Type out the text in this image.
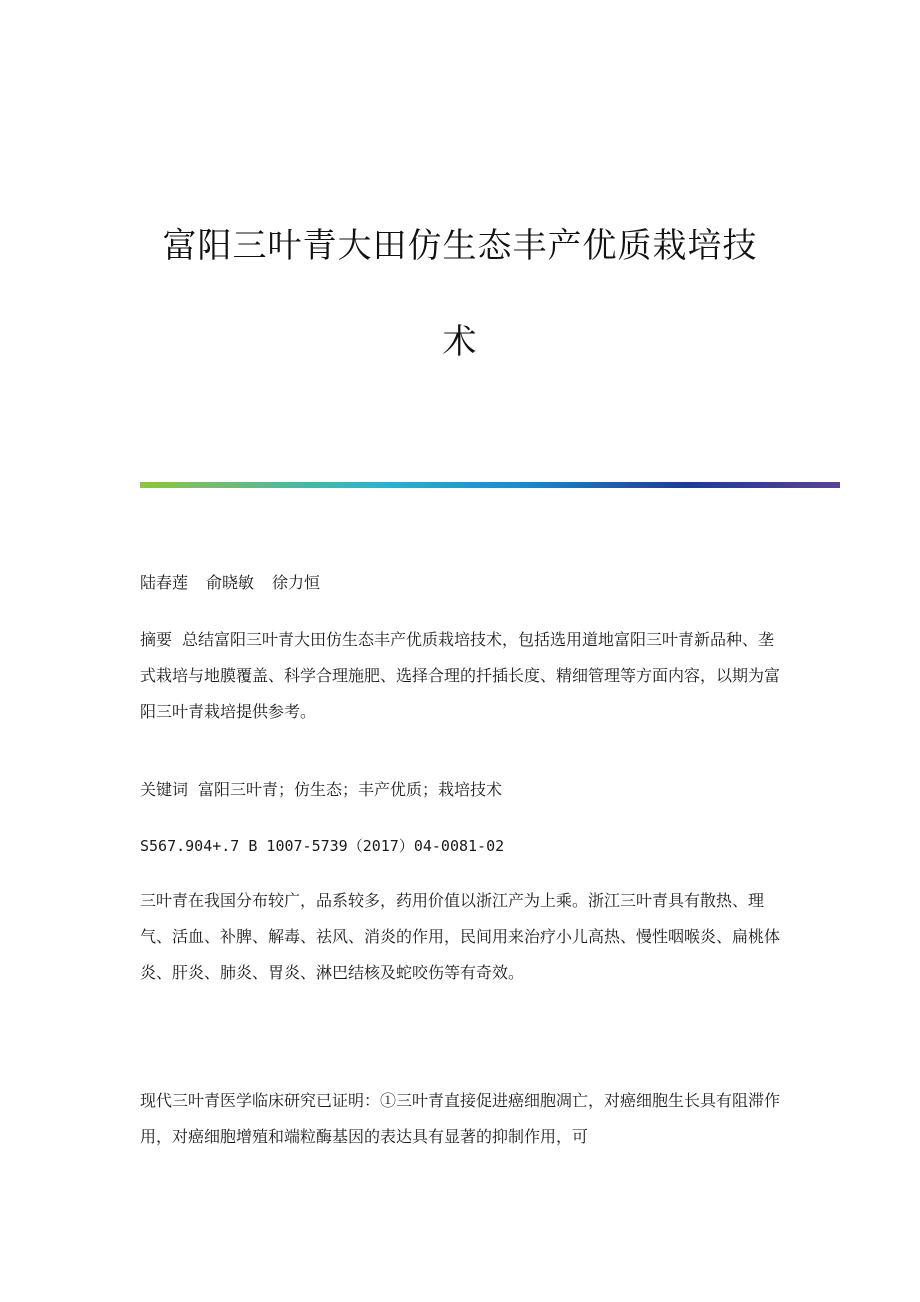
富阳三叶青大田仿生态丰产优质栽培技
术

陆春莲 俞晓敏 徐力恒

摘要 总结富阳三叶青大田仿生态丰产优质栽培技术，包括选用道地富阳三叶青新品种、垄式栽培与地膜覆盖、科学合理施肥、选择合理的扦插长度、精细管理等方面内容，以期为富阳三叶青栽培提供参考。

关键词 富阳三叶青；仿生态；丰产优质；栽培技术

S567.904+.7 B 1007-5739（2017）04-0081-02

三叶青在我国分布较广，品系较多，药用价值以浙江产为上乘。浙江三叶青具有散热、理气、活血、补脾、解毒、祛风、消炎的作用，民间用来治疗小儿高热、慢性咽喉炎、扁桃体炎、肝炎、肺炎、胃炎、淋巴结核及蛇咬伤等有奇效。

现代三叶青医学临床研究已证明：①三叶青直接促进癌细胞凋亡，对癌细胞生长具有阻滞作用，对癌细胞增殖和端粒酶基因的表达具有显著的抑制作用，可
